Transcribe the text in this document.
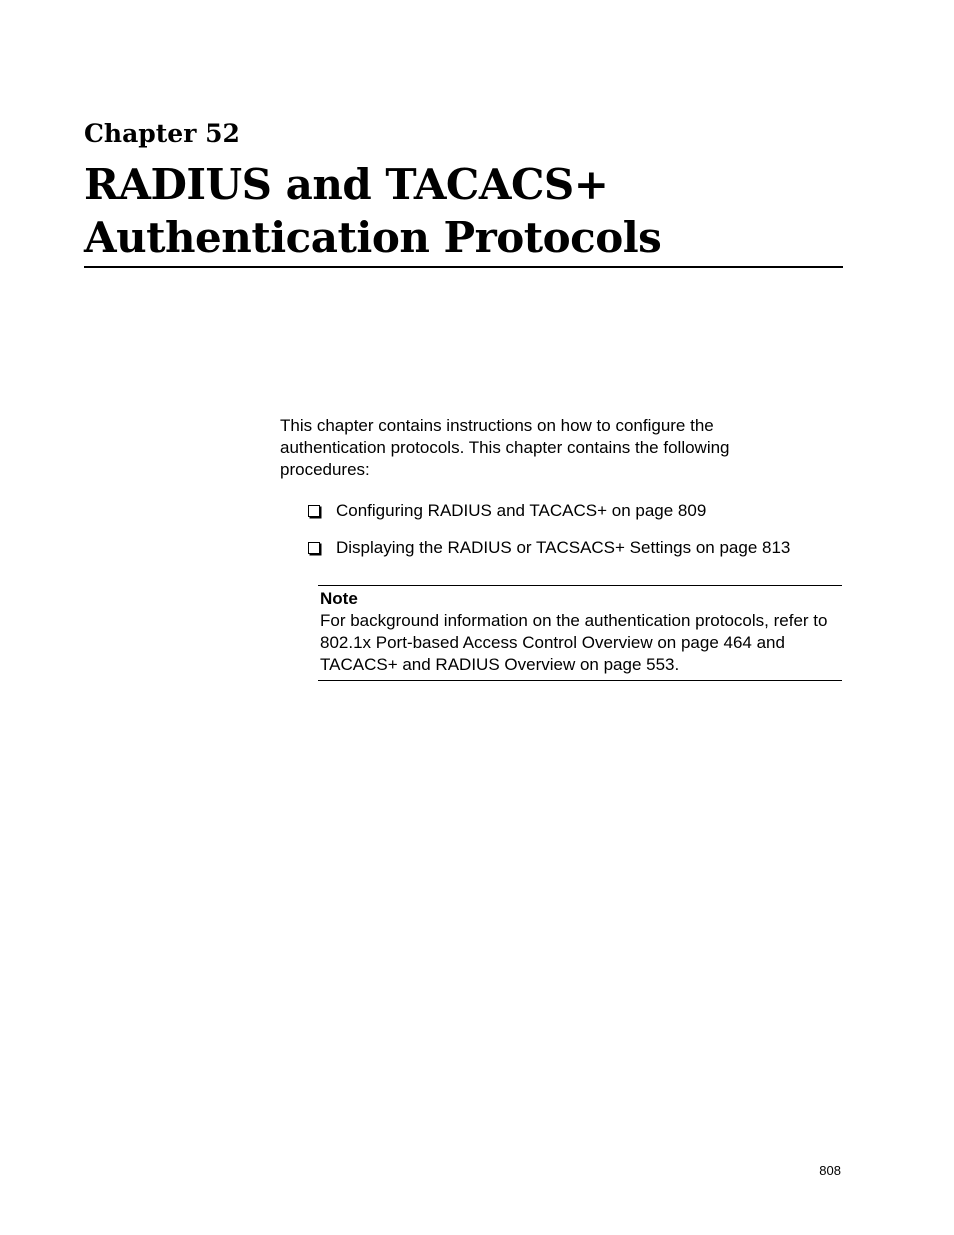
Chapter 52
RADIUS and TACACS+
Authentication Protocols

This chapter contains instructions on how to configure the authentication protocols. This chapter contains the following procedures:

Configuring RADIUS and TACACS+ on page 809
Displaying the RADIUS or TACSACS+ Settings on page 813
Note

For background information on the authentication protocols, refer to 802.1x Port-based Access Control Overview on page 464 and TACACS+ and RADIUS Overview on page 553.

808
